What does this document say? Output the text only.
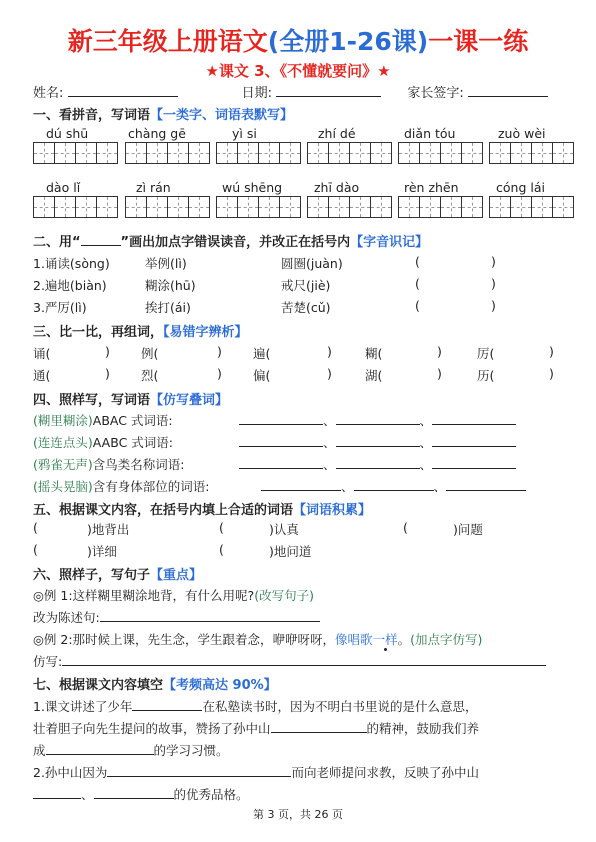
新三年级上册语文(全册1-26课)一课一练
★课文 3、《不懂就要问》★
姓名:	日期:	家长签字:
一、看拼音，写词语【一类字、词语表默写】
dú shū	chàng gē	yì si	zhí dé	diǎn tóu	zuò wèi
dào lǐ	zì rán	wú shēng	zhī dào	rèn zhēn	cóng lái
二、用“	”画出加点字错误读音，并改正在括号内【字音识记】
1.诵读(sòng)	举例(lì)	圆圈(juàn)	(	)
2.遍地(biàn)	糊涂(hū)	戒尺(jiè)	(	)
3.严厉(lì)	挨打(ái)	苦楚(cǔ)	(	)
三、比一比，再组词，【易错字辨析】
诵(	) 例(	) 遍(	)	糊(	)	厉(	)
通(	) 烈(	) 偏(	)	湖(	)	历(	)
四、照样写，写词语【仿写叠词】
(糊里糊涂)ABAC 式词语:	、	、
(连连点头)AABC 式词语:	、	、
(鸦雀无声)含鸟类名称词语:	、	、
(摇头晃脑)含有身体部位的词语:	、	、
五、根据课文内容，在括号内填上合适的词语【词语积累】
(	)地背出	(	)认真	(	)问题
(	)详细	(	)地问道
六、照样子，写句子【重点】
◎例 1:这样糊里糊涂地背，有什么用呢?(改写句子)
改为陈述句:
◎例 2:那时候上课，先生念，学生跟着念，咿咿呀呀，像唱歌一样。(加点字仿写)
仿写:
七、根据课文内容填空【考频高达 90%】
1.课文讲述了少年	在私塾读书时，因为不明白书里说的是什么意思，
壮着胆子向先生提问的故事，赞扬了孙中山	的精神，鼓励我们养
成	的学习习惯。
2.孙中山因为	而向老师提问求教，反映了孙中山
、	的优秀品格。
第 3 页，共 26 页
